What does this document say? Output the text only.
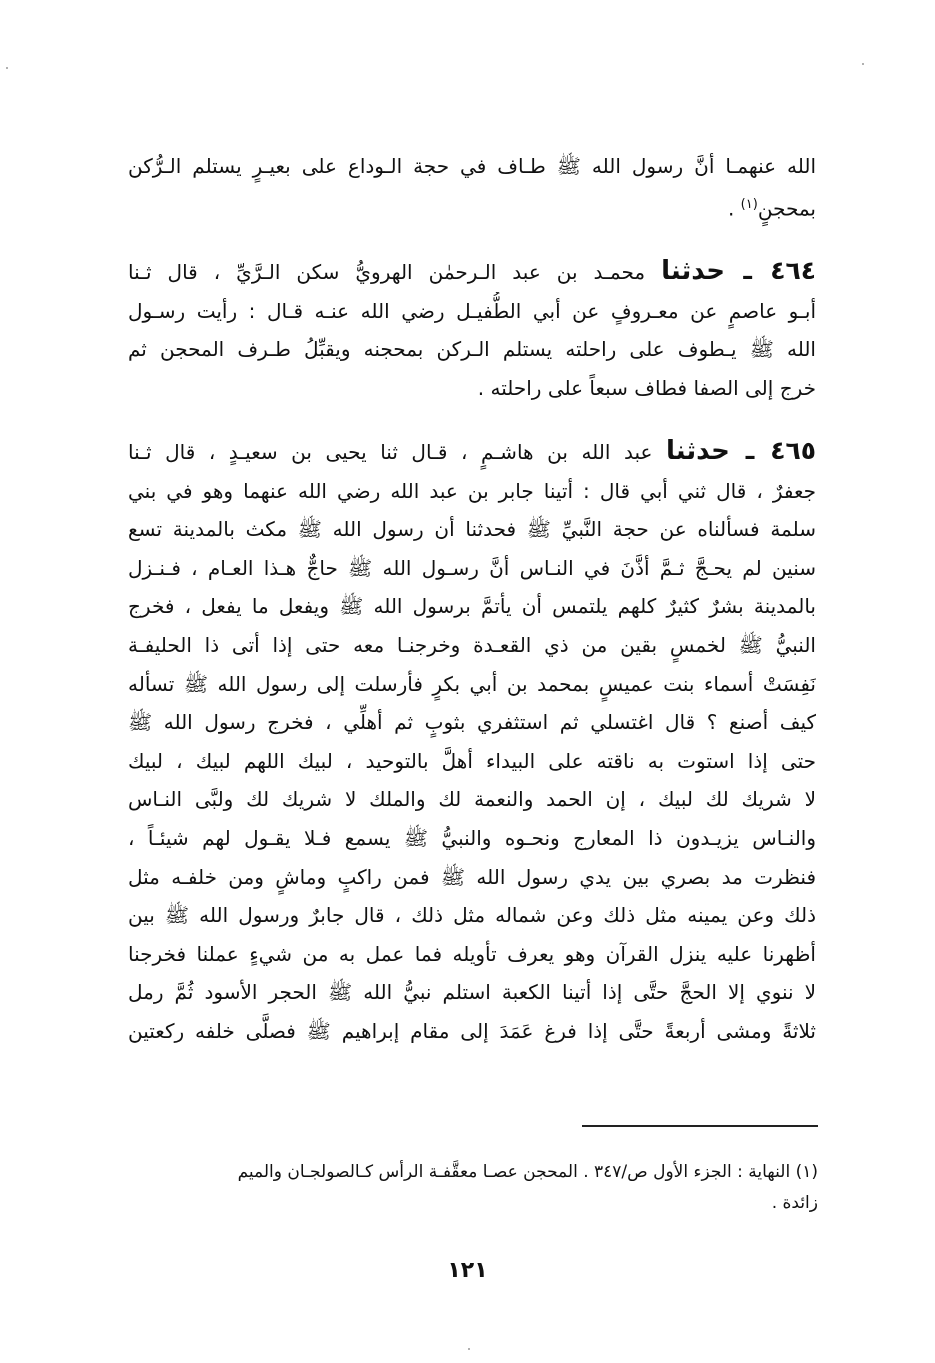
الله عنهمـا أنَّ رسول الله ﷺ طـاف في حجة الـوداع على بعيـرٍ يستلم الـرُّكن
بمحجنٍ$^{(١)}$ .
٤٦٤ ـ حدثنا محمـد بن عبد الـرحمٰن الهرويُّ سكن الـرَّيِّ ، قال ثـنا
أبـو عاصمٍ عن معـروفٍ عن أبي الطُّفيـل رضي الله عنـه قـال : رأيت رسـول
الله ﷺ يـطوف على راحلته يستلم الـركن بمحجنه ويقبِّلُ طـرف المحجن ثم
خرج إلى الصفا فطاف سبعاً على راحلته .
٤٦٥ ـ حدثنا عبد الله بن هاشـمٍ ، قـال ثنا يحيى بن سعيـدٍ ، قال ثـنا
جعفرٌ ، قال ثني أبي قال : أتينا جابر بن عبد الله رضي الله عنهما وهو في بني
سلمة فسألناه عن حجة النَّبيِّ ﷺ فحدثنا أن رسول الله ﷺ مكث بالمدينة تسع
سنين لم يحـجَّ ثـمَّ أذَّنَ في النـاس أنَّ رسـول الله ﷺ حاجٌّ هـذا العـام ، فـنـزل
بالمدينة بشرٌ كثيرٌ كلهم يلتمس أن يأتمَّ برسول الله ﷺ ويفعل ما يفعل ، فخرج
النبيُّ ﷺ لخمسٍ بقين من ذي القعـدة وخرجنـا معه حتى إذا أتى ذا الحليفـة
نَفِسَتْ أسماء بنت عميسٍ بمحمد بن أبي بكرٍ فأرسلت إلى رسول الله ﷺ تسأله
كيف أصنع ؟ قال اغتسلي ثم استثفري بثوبٍ ثم أهلِّي ، فخرج رسول الله ﷺ
حتى إذا استوت به ناقته على البيداء أهلَّ بالتوحيد ، لبيك اللهم لبيك ، لبيك
لا شريك لك لبيك ، إن الحمد والنعمة لك والملك لا شريك لك ولبَّى النـاس
والنـاس يزيـدون ذا المعارج ونحـوه والنبيُّ ﷺ يسمع فـلا يقـول لهم شيئـاً ،
فنظرت مد بصري بين يدي رسول الله ﷺ فمن راكبٍ وماشٍ ومن خلفـه مثل
ذلك وعن يمينه مثل ذلك وعن شماله مثل ذلك ، قال جابرٌ ورسول الله ﷺ بين
أظهرنا عليه ينزل القرآن وهو يعرف تأويله فما عمل به من شيءٍ عملنا فخرجنا
لا ننوي إلا الحجَّ حتَّى إذا أتينا الكعبة استلم نبيُّ الله ﷺ الحجر الأسود ثُمَّ رمل
ثلاثةً ومشى أربعةً حتَّى إذا فرغ عَمَدَ إلى مقام إبراهيم ﷺ فصلَّى خلفه ركعتين
(١) النهاية : الجزء الأول ص/٣٤٧ . المحجن عصـا معقَّفـة الرأس كـالصولجـان والميم
زائدة .
١٢١
